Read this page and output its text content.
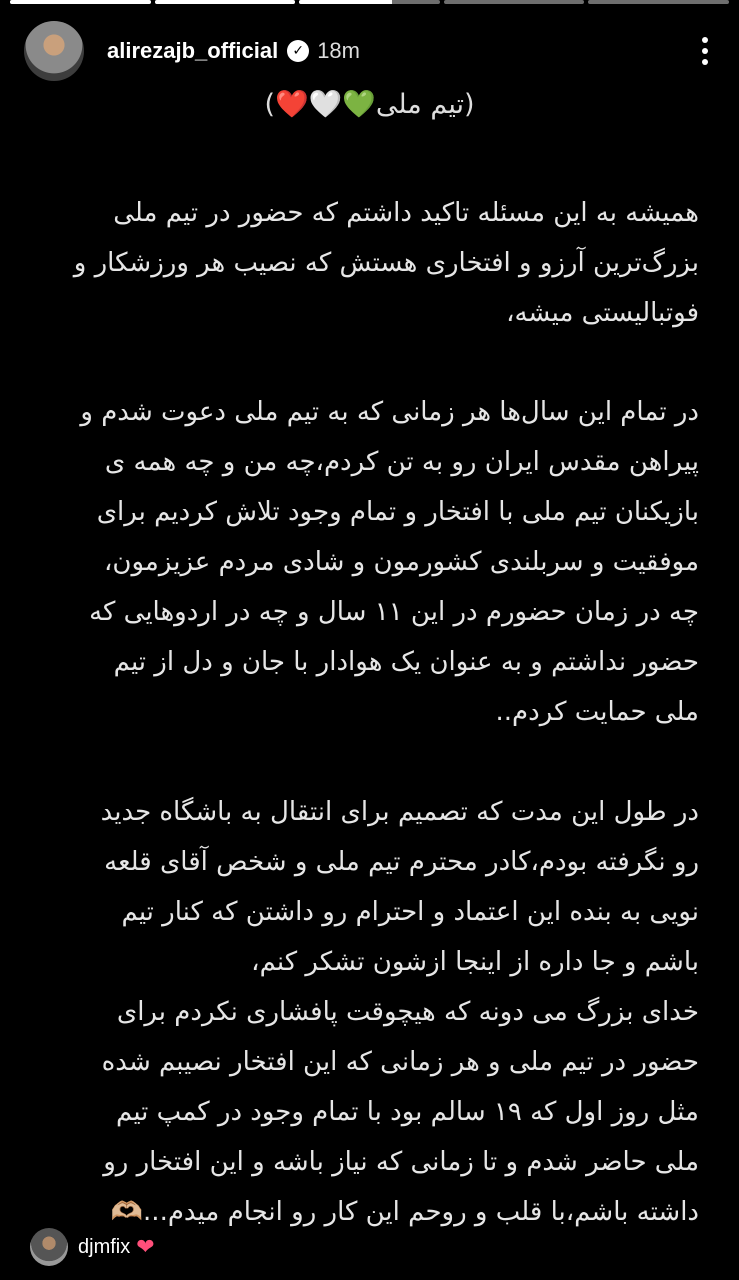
alirezajb_official	✓ 18m
(تیم ملی💚🤍❤️)
همیشه به این مسئله تاکید داشتم که حضور در تیم ملی
بزرگ‌ترین آرزو و افتخاری هستش که نصیب هر ورزشکار و
فوتبالیستی میشه،
در تمام این سال‌ها هر زمانی که به تیم ملی دعوت شدم و
پیراهن مقدس ایران رو به تن کردم،چه من و چه همه ی
بازیکنان تیم ملی با افتخار و تمام وجود تلاش کردیم برای
موفقیت و سربلندی کشورمون و شادی مردم عزیزمون،
چه در زمان حضورم در این ۱۱ سال و چه در اردوهایی که
حضور نداشتم و به عنوان یک هوادار با جان و دل از تیم
ملی حمایت کردم..
در طول این مدت که تصمیم برای انتقال به باشگاه جدید
رو نگرفته بودم،کادر محترم تیم ملی و شخص آقای قلعه
نویی به بنده این اعتماد و احترام رو داشتن که کنار تیم
باشم و جا داره از اینجا ازشون تشکر کنم،
خدای بزرگ می دونه که هیچوقت پافشاری نکردم برای
حضور در تیم ملی و هر زمانی که این افتخار نصیبم شده
مثل روز اول که ۱۹ سالم بود با تمام وجود در کمپ تیم
ملی حاضر شدم و تا زمانی که نیاز باشه و این افتخار رو
داشته باشم،با قلب و روحم این کار رو انجام میدم...🫶🏼
djmfix ❤
